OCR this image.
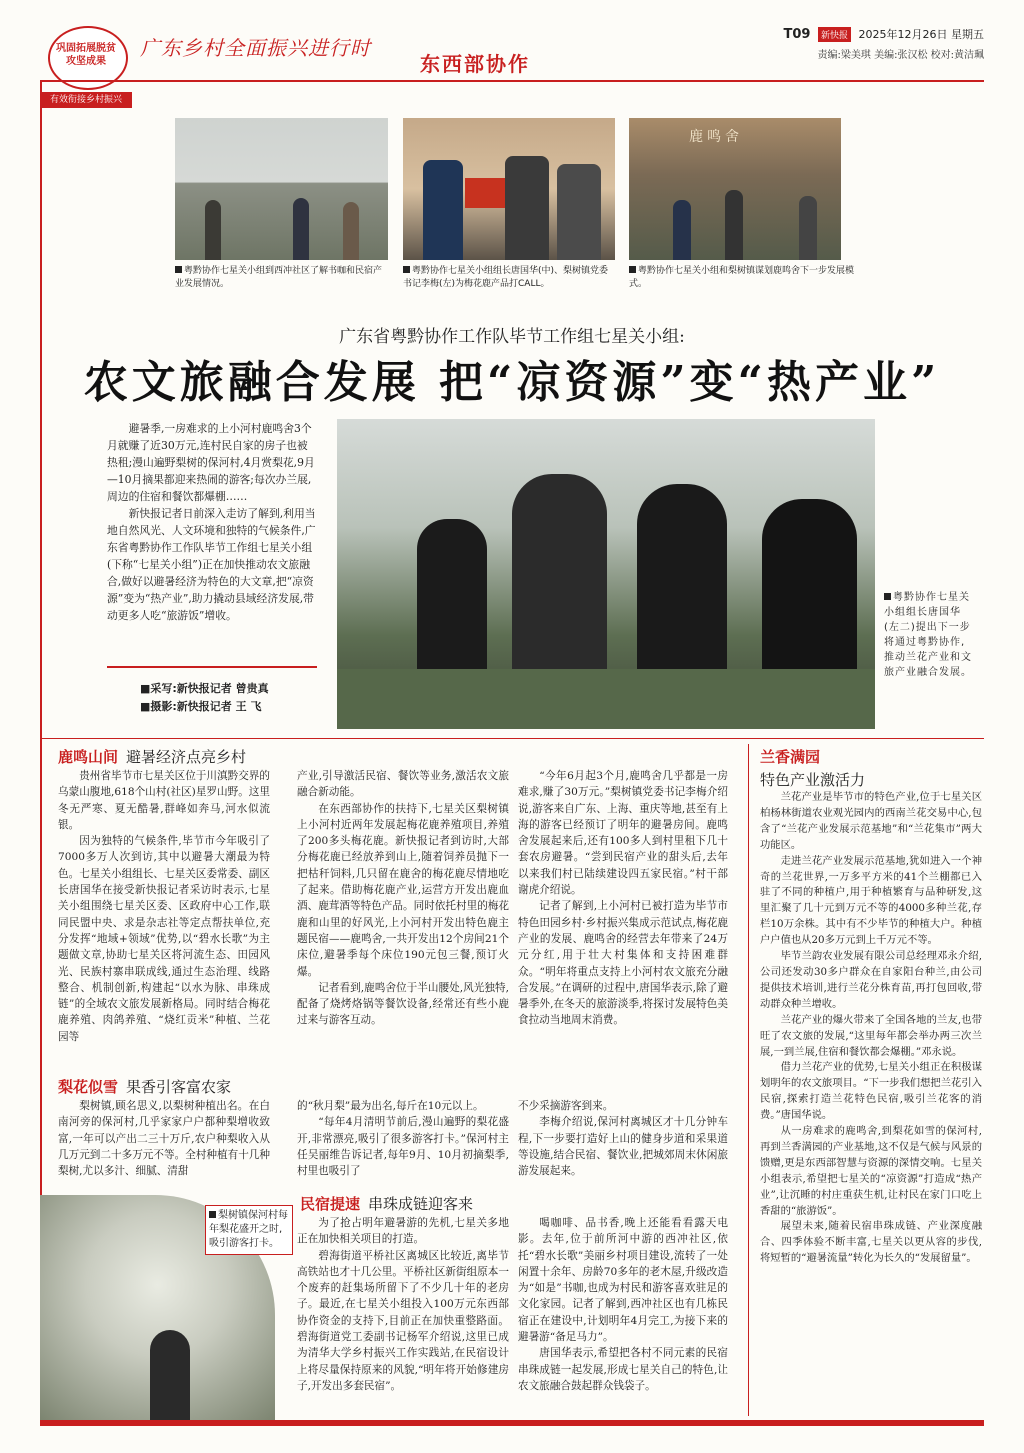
巩固拓展脱贫攻坚成果
有效衔接乡村振兴
广东乡村全面振兴进行时
东西部协作
T09 新快报 2025年12月26日 星期五
责编:梁美琪 美编:张汉松 校对:黄洁珮
鹿鸣舍
粤黔协作七星关小组到西冲社区了解书咖和民宿产业发展情况。
粤黔协作七星关小组组长唐国华(中)、梨树镇党委书记李梅(左)为梅花鹿产品打CALL。
粤黔协作七星关小组和梨树镇谋划鹿鸣舍下一步发展模式。
广东省粤黔协作工作队毕节工作组七星关小组:
农文旅融合发展 把“凉资源”变“热产业”

避暑季,一房难求的上小河村鹿鸣舍3个月就赚了近30万元,连村民自家的房子也被热租;漫山遍野梨树的保河村,4月赏梨花,9月—10月摘果都迎来热闹的游客;每次办兰展,周边的住宿和餐饮都爆棚……

新快报记者日前深入走访了解到,利用当地自然风光、人文环境和独特的气候条件,广东省粤黔协作工作队毕节工作组七星关小组(下称“七星关小组”)正在加快推动农文旅融合,做好以避暑经济为特色的大文章,把“凉资源”变为“热产业”,助力撬动县域经济发展,带动更多人吃“旅游饭”增收。

■采写:新快报记者 曾贵真
■摄影:新快报记者 王 飞
粤黔协作七星关小组组长唐国华(左二)提出下一步将通过粤黔协作,推动兰花产业和文旅产业融合发展。
鹿鸣山间 避暑经济点亮乡村

贵州省毕节市七星关区位于川滇黔交界的乌蒙山腹地,618个山村(社区)星罗山野。这里冬无严寒、夏无酷暑,群峰如奔马,河水似流银。

因为独特的气候条件,毕节市今年吸引了7000多万人次到访,其中以避暑大潮最为特色。七星关小组组长、七星关区委常委、副区长唐国华在接受新快报记者采访时表示,七星关小组围绕七星关区委、区政府中心工作,联同民盟中央、求是杂志社等定点帮扶单位,充分发挥“地域+领域”优势,以“碧水长歌”为主题做文章,协助七星关区将河流生态、田园风光、民族村寨串联成线,通过生态治理、线路整合、机制创新,构建起“以水为脉、串珠成链”的全域农文旅发展新格局。同时结合梅花鹿养殖、肉鸽养殖、“烧红贡米”种植、兰花园等

产业,引导激活民宿、餐饮等业务,激活农文旅融合新动能。

在东西部协作的扶持下,七星关区梨树镇上小河村近两年发展起梅花鹿养殖项目,养殖了200多头梅花鹿。新快报记者到访时,大部分梅花鹿已经放养到山上,随着饲养员抛下一把枯秆饲料,几只留在鹿舍的梅花鹿尽情地吃了起来。借助梅花鹿产业,运营方开发出鹿血酒、鹿茸酒等特色产品。同时依托村里的梅花鹿和山里的好风光,上小河村开发出特色鹿主题民宿——鹿鸣舍,一共开发出12个房间21个床位,避暑季每个床位190元包三餐,预订火爆。

记者看到,鹿鸣舍位于半山腰处,风光独特,配备了烧烤烙锅等餐饮设备,经常还有些小鹿过来与游客互动。

“今年6月起3个月,鹿鸣舍几乎都是一房难求,赚了30万元。”梨树镇党委书记李梅介绍说,游客来自广东、上海、重庆等地,甚至有上海的游客已经预订了明年的避暑房间。鹿鸣舍发展起来后,还有100多人到村里租下几十套农房避暑。“尝到民宿产业的甜头后,去年以来我们村已陆续建设四五家民宿。”村干部谢虎介绍说。

记者了解到,上小河村已被打造为毕节市特色田园乡村·乡村振兴集成示范试点,梅花鹿产业的发展、鹿鸣舍的经营去年带来了24万元分红,用于壮大村集体和支持困难群众。“明年将重点支持上小河村农文旅充分融合发展。”在调研的过程中,唐国华表示,除了避暑季外,在冬天的旅游淡季,将探讨发展特色美食拉动当地周末消费。

梨花似雪 果香引客富农家

梨树镇,顾名思义,以梨树种植出名。在白南河旁的保河村,几乎家家户户都种梨增收致富,一年可以产出二三十万斤,农户种梨收入从几万元到二十多万元不等。全村种植有十几种梨树,尤以多汁、细腻、清甜

的“秋月梨”最为出名,每斤在10元以上。

“每年4月清明节前后,漫山遍野的梨花盛开,非常漂亮,吸引了很多游客打卡。”保河村主任吴丽维告诉记者,每年9月、10月初摘梨季,村里也吸引了

不少采摘游客到来。

李梅介绍说,保河村离城区才十几分钟车程,下一步要打造好上山的健身步道和采果道等设施,结合民宿、餐饮业,把城郊周末休闲旅游发展起来。

梨树镇保河村每年梨花盛开之时,吸引游客打卡。
民宿提速 串珠成链迎客来

为了抢占明年避暑游的先机,七星关多地正在加快相关项目的打造。

碧海街道平桥社区离城区比较近,离毕节高铁站也才十几公里。平桥社区新街组原本一个废弃的赶集场所留下了不少几十年的老房子。最近,在七星关小组投入100万元东西部协作资金的支持下,目前正在加快重整路面。碧海街道党工委副书记杨军介绍说,这里已成为清华大学乡村振兴工作实践站,在民宿设计上将尽量保持原来的风貌,“明年将开始修建房子,开发出多套民宿”。

喝咖啡、品书香,晚上还能看看露天电影。去年,位于前所河中游的西冲社区,依托“碧水长歌”美丽乡村项目建设,流转了一处闲置十余年、房龄70多年的老木屋,升级改造为“如是”书咖,也成为村民和游客喜欢驻足的文化家园。记者了解到,西冲社区也有几栋民宿正在建设中,计划明年4月完工,为接下来的避暑游“备足马力”。

唐国华表示,希望把各村不同元素的民宿串珠成链一起发展,形成七星关自己的特色,让农文旅融合鼓起群众钱袋子。

兰香满园
特色产业激活力

兰花产业是毕节市的特色产业,位于七星关区柏杨林街道农业观光园内的西南兰花交易中心,包含了“兰花产业发展示范基地”和“兰花集市”两大功能区。

走进兰花产业发展示范基地,犹如进入一个神奇的兰花世界,一万多平方米的41个兰棚都已入驻了不同的种植户,用于种植繁育与品种研发,这里汇聚了几十元到万元不等的4000多种兰花,存栏10万余株。其中有不少毕节的种植大户。种植户户值也从20多万元到上千万元不等。

毕节兰韵农业发展有限公司总经理邓永介绍,公司还发动30多户群众在自家阳台种兰,由公司提供技术培训,进行兰花分株育苗,再打包回收,带动群众种兰增收。

兰花产业的爆火带来了全国各地的兰友,也带旺了农文旅的发展,“这里每年都会举办两三次兰展,一到兰展,住宿和餐饮都会爆棚。”邓永说。

借力兰花产业的优势,七星关小组正在积极谋划明年的农文旅项目。“下一步我们想把兰花引入民宿,探索打造兰花特色民宿,吸引兰花客的消费。”唐国华说。

从一房难求的鹿鸣舍,到梨花如雪的保河村,再到兰香满园的产业基地,这不仅是气候与风景的馈赠,更是东西部智慧与资源的深情交响。七星关小组表示,希望把七星关的“凉资源”打造成“热产业”,让沉睡的村庄重获生机,让村民在家门口吃上香甜的“旅游饭”。

展望未来,随着民宿串珠成链、产业深度融合、四季体验不断丰富,七星关以更从容的步伐,将短暂的“避暑流量”转化为长久的“发展留量”。
